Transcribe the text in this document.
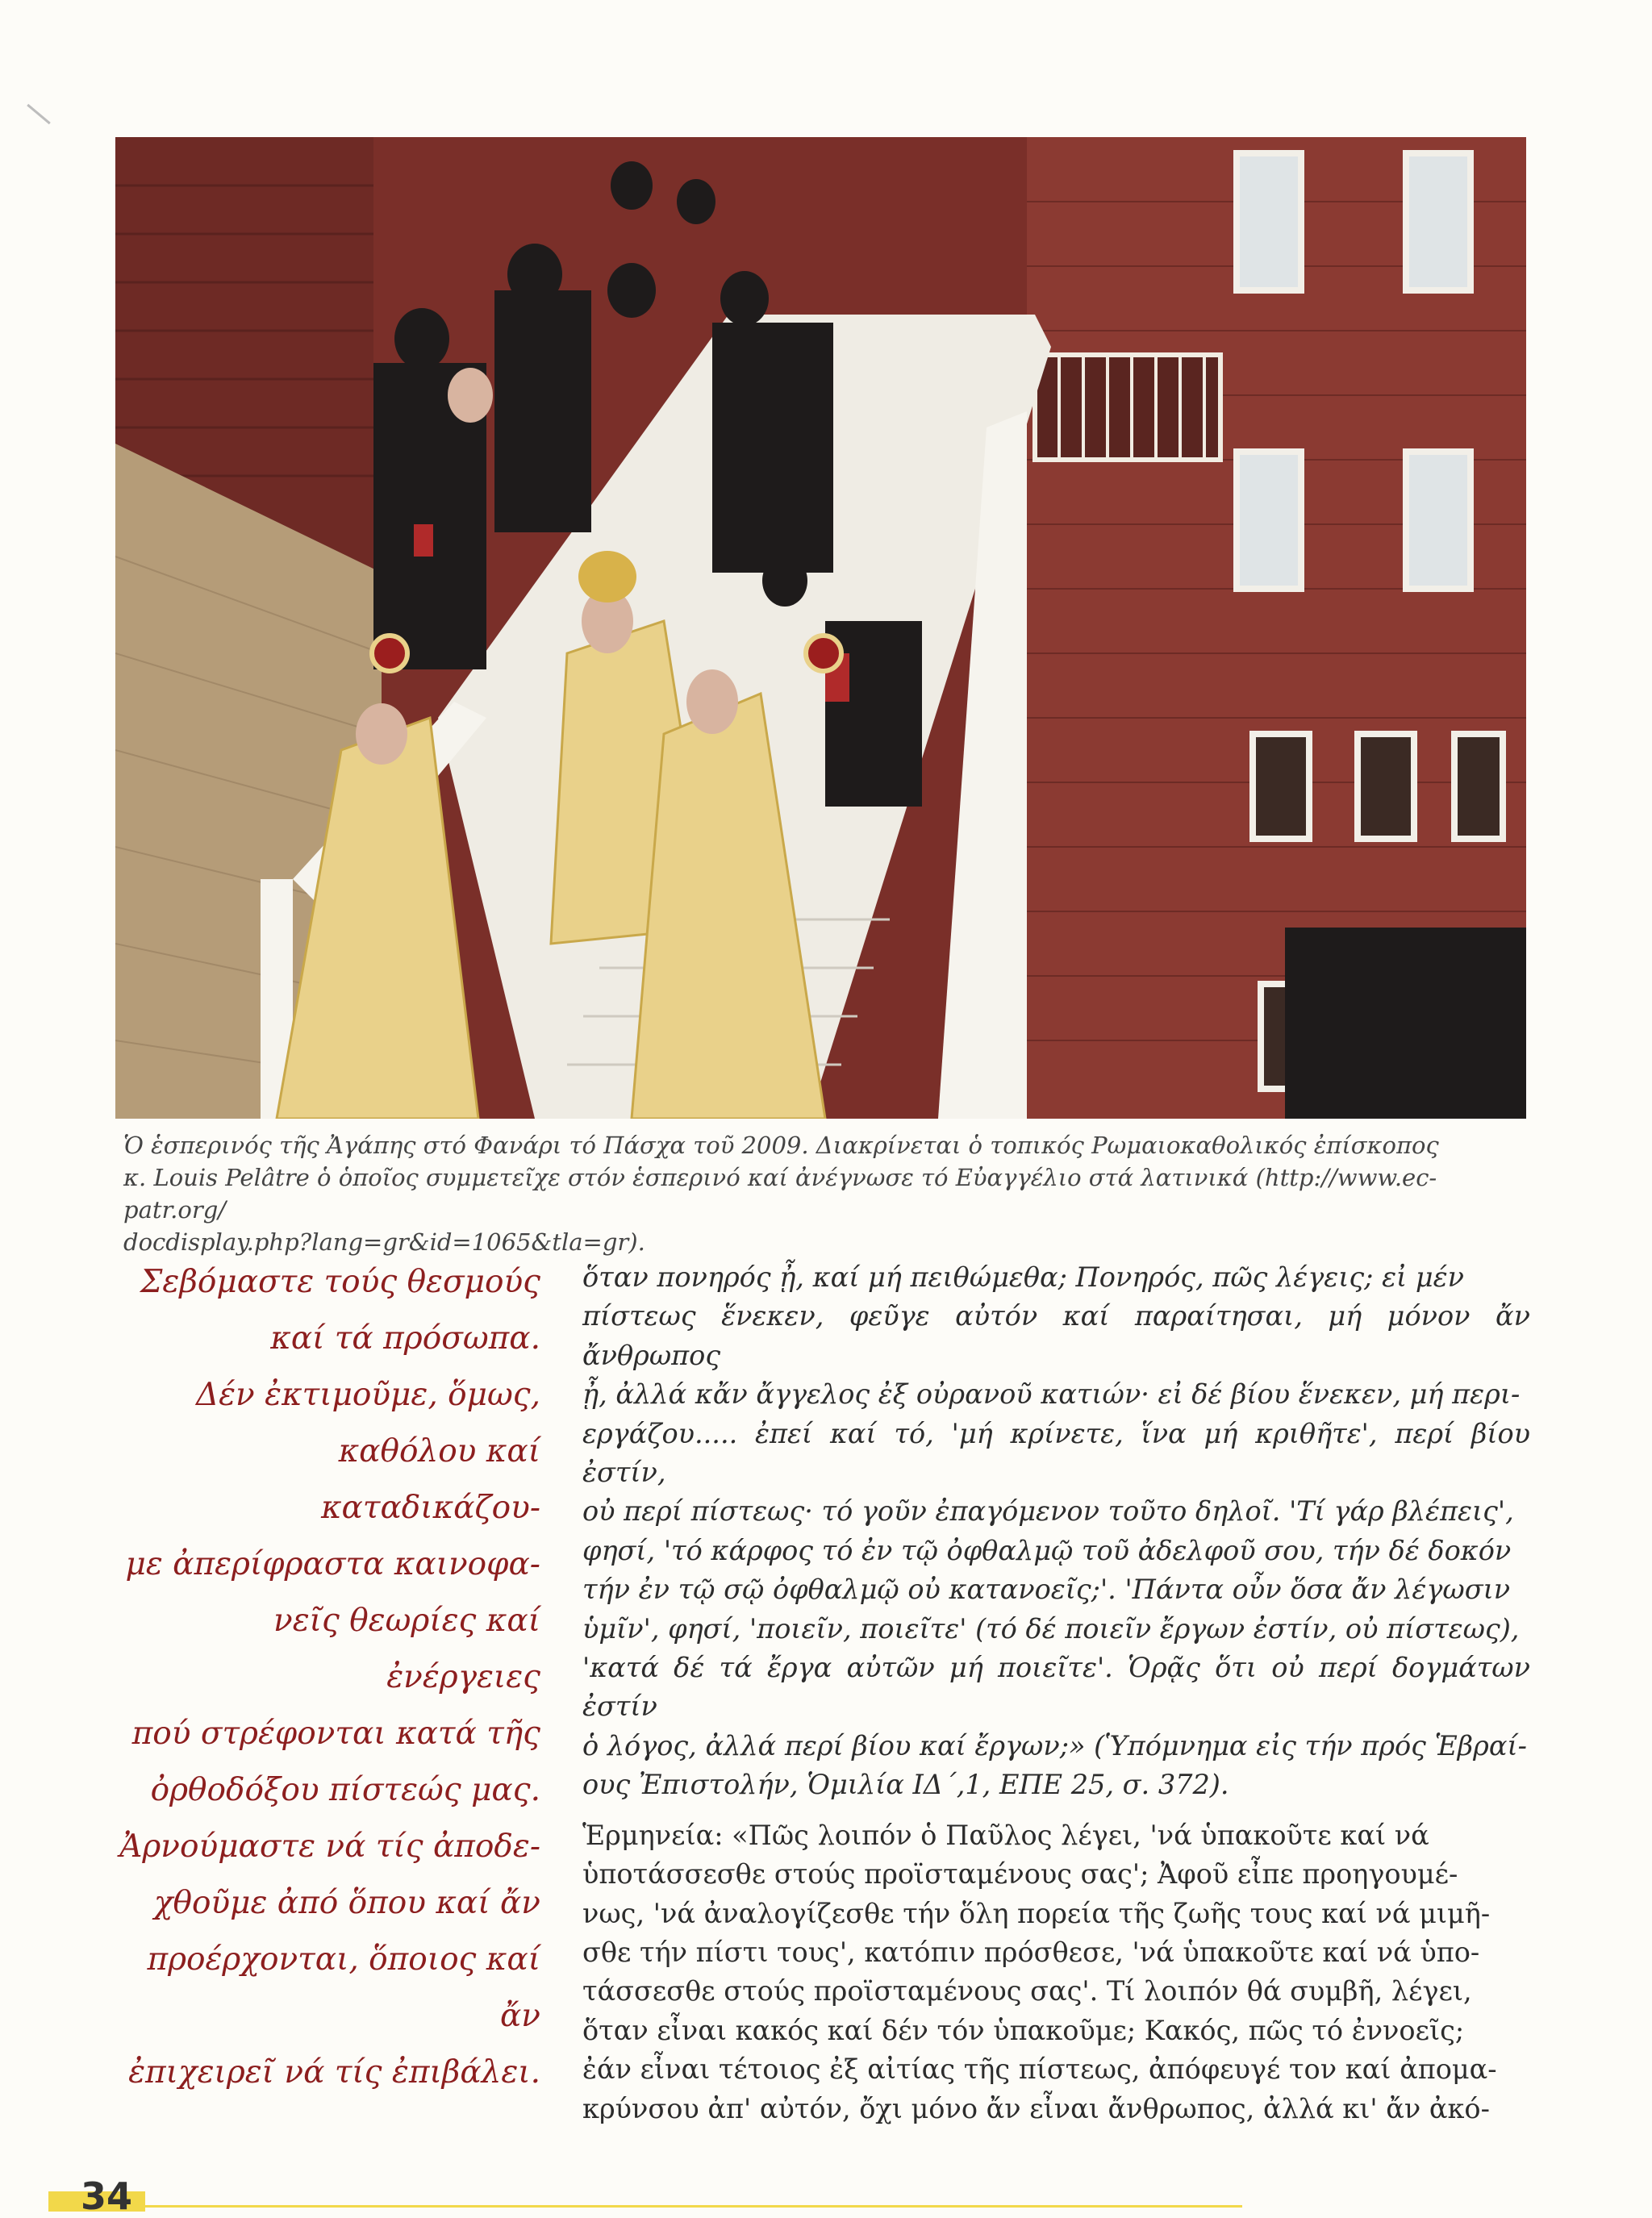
Ὁ ἑσπερινός τῆς Ἀγάπης στό Φανάρι τό Πάσχα τοῦ 2009. Διακρίνεται ὁ τοπικός Ρωμαιοκαθολικός ἐπίσκοπος

κ. Louis Pelâtre ὁ ὁποῖος συμμετεῖχε στόν ἑσπερινό καί ἀνέγνωσε τό Εὐαγγέλιο στά λατινικά (http://www.ec-patr.org/

docdisplay.php?lang=gr&id=1065&tla=gr).

Σεβόμαστε τούς θεσμούς

καί τά πρόσωπα.

Δέν ἐκτιμοῦμε, ὅμως,

καθόλου καί καταδικάζου-

με ἀπερίφραστα καινοφα-

νεῖς θεωρίες καί ἐνέργειες

πού στρέφονται κατά τῆς

ὀρθοδόξου πίστεώς μας.

Ἀρνούμαστε νά τίς ἀποδε-

χθοῦμε ἀπό ὅπου καί ἄν

προέρχονται, ὅποιος καί ἄν

ἐπιχειρεῖ νά τίς ἐπιβάλει.

ὅταν πονηρός ᾖ, καί μή πειθώμεθα; Πονηρός, πῶς λέγεις; εἰ μέν

πίστεως ἕνεκεν, φεῦγε αὐτόν καί παραίτησαι, μή μόνον ἄν ἄνθρωπος

ᾖ, ἀλλά κἄν ἄγγελος ἐξ οὐρανοῦ κατιών· εἰ δέ βίου ἕνεκεν, μή περι-

εργάζου..... ἐπεί καί τό, 'μή κρίνετε, ἵνα μή κριθῆτε', περί βίου ἐστίν,

οὐ περί πίστεως· τό γοῦν ἐπαγόμενον τοῦτο δηλοῖ. 'Τί γάρ βλέπεις',

φησί, 'τό κάρφος τό ἐν τῷ ὀφθαλμῷ τοῦ ἀδελφοῦ σου, τήν δέ δοκόν

τήν ἐν τῷ σῷ ὀφθαλμῷ οὐ κατανοεῖς;'. 'Πάντα οὖν ὅσα ἄν λέγωσιν

ὑμῖν', φησί, 'ποιεῖν, ποιεῖτε' (τό δέ ποιεῖν ἔργων ἐστίν, οὐ πίστεως),

'κατά δέ τά ἔργα αὐτῶν μή ποιεῖτε'. Ὁρᾷς ὅτι οὐ περί δογμάτων ἐστίν

ὁ λόγος, ἀλλά περί βίου καί ἔργων;» (Ὑπόμνημα εἰς τήν πρός Ἑβραί-

ους Ἐπιστολήν, Ὁμιλία ΙΔ΄,1, ΕΠΕ 25, σ. 372).

Ἑρμηνεία: «Πῶς λοιπόν ὁ Παῦλος λέγει, 'νά ὑπακοῦτε καί νά

ὑποτάσσεσθε στούς προϊσταμένους σας'; Ἀφοῦ εἶπε προηγουμέ-

νως, 'νά ἀναλογίζεσθε τήν ὅλη πορεία τῆς ζωῆς τους καί νά μιμῆ-

σθε τήν πίστι τους', κατόπιν πρόσθεσε, 'νά ὑπακοῦτε καί νά ὑπο-

τάσσεσθε στούς προϊσταμένους σας'. Τί λοιπόν θά συμβῆ, λέγει,

ὅταν εἶναι κακός καί δέν τόν ὑπακοῦμε; Κακός, πῶς τό ἐννοεῖς;

ἐάν εἶναι τέτοιος ἐξ αἰτίας τῆς πίστεως, ἀπόφευγέ τον καί ἀπομα-

κρύνσου ἀπ' αὐτόν, ὄχι μόνο ἄν εἶναι ἄνθρωπος, ἀλλά κι' ἄν ἀκό-

34
